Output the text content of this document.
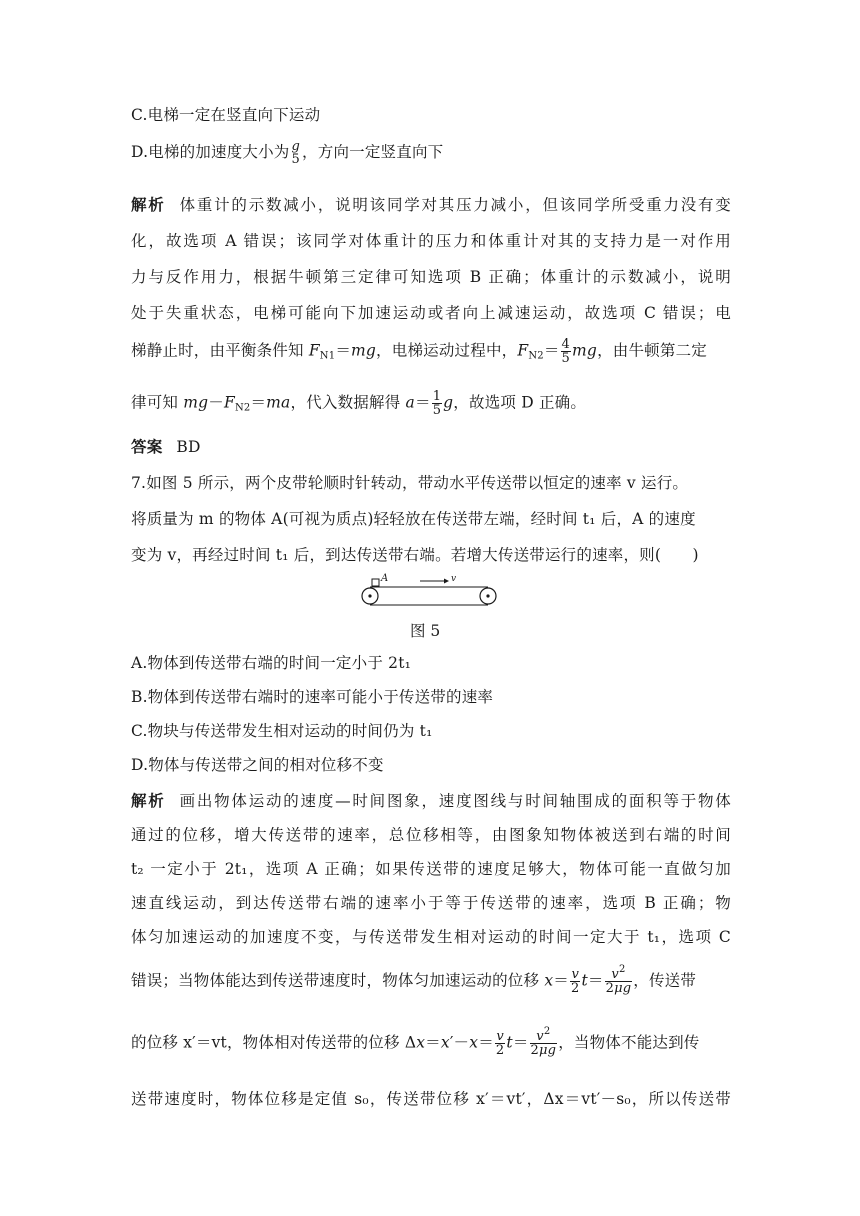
C.电梯一定在竖直向下运动
D.电梯的加速度大小为 g
5 ，方向一定竖直向下
解析 体重计的示数减小，说明该同学对其压力减小，但该同学所受重力没有变
化，故选项 A 错误；该同学对体重计的压力和体重计对其的支持力是一对作用
力与反作用力，根据牛顿第三定律可知选项 B 正确；体重计的示数减小，说明
处于失重状态，电梯可能向下加速运动或者向上减速运动，故选项 C 错误；电
梯静止时，由平衡条件知 $F_{N1}=mg$，电梯运动过程中，$F_{N2}= \frac{4}{5}$ mg，由牛顿第二定
律可知 $mg-F_{N2}=ma$，代入数据解得 $a= \frac{1}{5}$ g，故选项 D 正确。
答案 BD
7.如图 5 所示，两个皮带轮顺时针转动，带动水平传送带以恒定的速率 v 运行。
将质量为 m 的物体 A(可视为质点)轻轻放在传送带左端，经时间 t₁ 后，A 的速度
变为 v，再经过时间 t₁ 后，到达传送带右端。若增大传送带运行的速率，则(　　)
A	v
图 5
A.物体到传送带右端的时间一定小于 2t₁
B.物体到传送带右端时的速率可能小于传送带的速率
C.物块与传送带发生相对运动的时间仍为 t₁
D.物体与传送带之间的相对位移不变
解析 画出物体运动的速度—时间图象，速度图线与时间轴围成的面积等于物体
通过的位移，增大传送带的速率，总位移相等，由图象知物体被送到右端的时间
t₂ 一定小于 2t₁，选项 A 正确；如果传送带的速度足够大，物体可能一直做匀加
速直线运动，到达传送带右端的速率小于等于传送带的速率，选项 B 正确；物
体匀加速运动的加速度不变，与传送带发生相对运动的时间一定大于 t₁，选项 C
错误；当物体能达到传送带速度时，物体匀加速运动的位移 $x= \frac{v}{2} t= \frac{v^2}{2\mu g}$ ，传送带
的位移 x′＝vt，物体相对传送带的位移 $\Delta x=x'-x= \frac{v}{2} t= \frac{v^2}{2\mu g}$ ，当物体不能达到传
送带速度时，物体位移是定值 s₀，传送带位移 x′＝vt′，Δx＝vt′－s₀，所以传送带
